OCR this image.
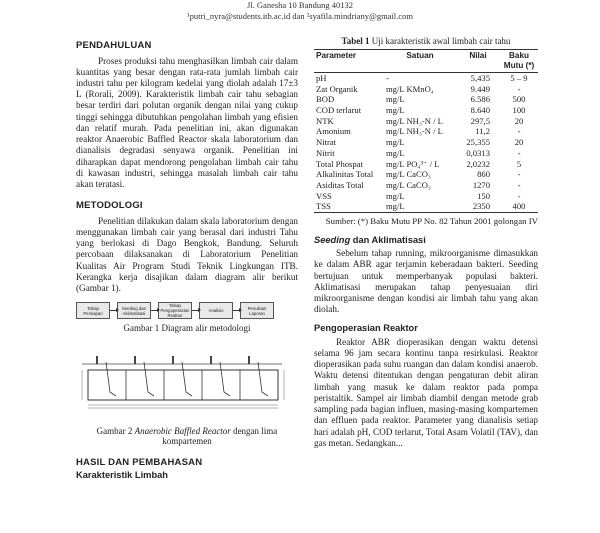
Jl. Ganesha 10 Bandung 40132
¹putri_nyra@students.itb.ac.id dan ²syafila.mindriany@gmail.com
PENDAHULUAN

Proses produksi tahu menghasilkan limbah cair dalam kuantitas yang besar dengan rata-rata jumlah limbah cair industri tahu per kilogram kedelai yang diolah adalah 17±3 L (Rorali, 2009). Karakteristik limbah cair tahu sebagian besar terdiri dari polutan organik dengan nilai yang cukup tinggi sehingga dibutuhkan pengolahan limbah yang efisien dan relatif murah. Pada penelitian ini, akan digunakan reaktor Anaerobic Baffled Reactor skala laboratorium dan dianalisis degradasi senyawa organik. Penelitian ini diharapkan dapat mendorong pengolahan limbah cair tahu di kawasan industri, sehingga masalah limbah cair tahu akan teratasi.

METODOLOGI

Penelitian dilakukan dalam skala laboratorium dengan menggunakan limbah cair yang berasal dari industri Tahu yang berlokasi di Dago Bengkok, Bandung. Seluruh percobaan dilaksanakan di Laboratorium Penelitian Kualitas Air Program Studi Teknik Lingkungan ITB. Kerangka kerja disajikan dalam diagram alir berikut (Gambar 1).

Tahap Persiapan
Seeding dan Aklimatisasi
Tahap Pengoperasian Reaktor
Analisis	Penulisan Laporan
Gambar 1 Diagram alir metodologi
Gambar 2 Anaerobic Baffled Reactor dengan lima kompartemen
HASIL DAN PEMBAHASAN
Karakteristik Limbah
Tabel 1 Uji karakteristik awal limbah cair tahu
Parameter	Satuan	Nilai	Baku Mutu (*)
pH	-	5,435	5 – 9
Zat Organik	mg/L KMnO₄	9.449	-
BOD	mg/L	6.586	500
COD terlarut	mg/L	8.640	100
NTK	mg/L NH₃-N / L	297,5	20
Amonium	mg/L NH₃-N / L	11,2	-
Nitrat	mg/L	25,355	20
Nitrit	mg/L	0,0313	-
Total Phospat	mg/L PO₄³⁻ / L	2,0232	5
Alkalinitas Total	mg/L CaCO₃	860	-
Asiditas Total	mg/L CaCO₃	1270	-
VSS	mg/L	150	-
TSS	mg/L	2350	400
Sumber: (*) Baku Mutu PP No. 82 Tahun 2001 golongan IV
Seeding dan Aklimatisasi

Sebelum tahap running, mikroorganisme dimasukkan ke dalam ABR agar terjamin keberadaan bakteri. Seeding bertujuan untuk memperbanyak populasi bakteri. Aklimatisasi merupakan tahap penyesuaian diri mikroorganisme dengan kondisi air limbah tahu yang akan diolah.

Pengoperasian Reaktor

Reaktor ABR dioperasikan dengan waktu detensi selama 96 jam secara kontinu tanpa resirkulasi. Reaktor dioperasikan pada suhu ruangan dan dalam kondisi anaerob. Waktu detensi ditentukan dengan pengaturan debit aliran limbah yang masuk ke dalam reaktor pada pompa peristaltik. Sampel air limbah diambil dengan metode grab sampling pada bagian influen, masing-masing kompartemen dan effluen pada reaktor. Parameter yang dianalisis setiap hari adalah pH, COD terlarut, Total Asam Volatil (TAV), dan gas metan. Sedangkan...
